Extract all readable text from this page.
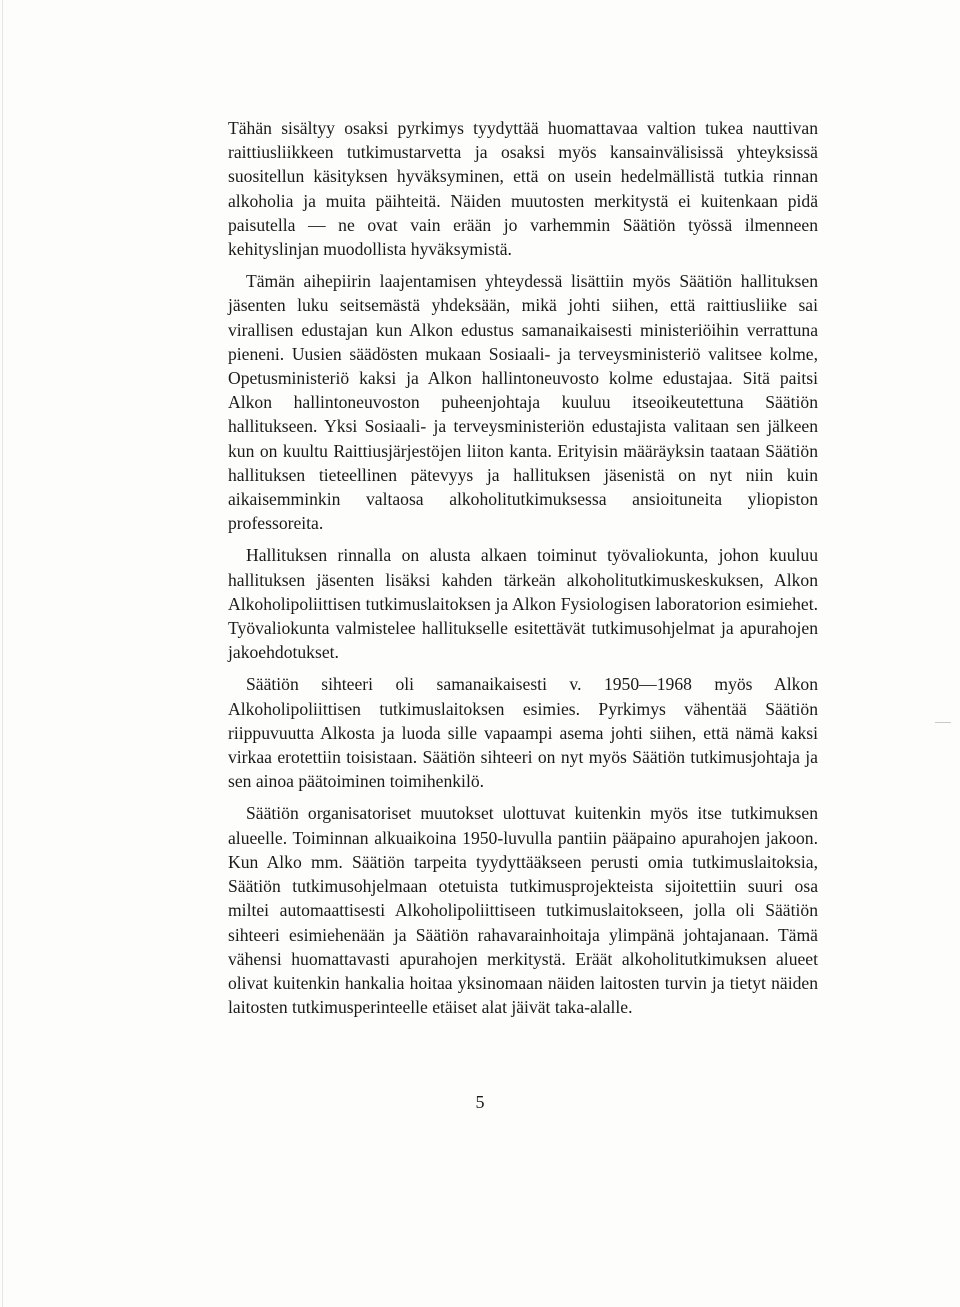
Tähän sisältyy osaksi pyrkimys tyydyttää huomattavaa valtion tukea nauttivan raittiusliikkeen tutkimustarvetta ja osaksi myös kansainvälisissä yhteyksissä suositellun käsityksen hyväksyminen, että on usein hedelmällistä tutkia rinnan alkoholia ja muita päihteitä. Näiden muutosten merkitystä ei kuitenkaan pidä paisutella — ne ovat vain erään jo varhemmin Säätiön työssä ilmenneen kehityslinjan muodollista hyväksymistä.

Tämän aihepiirin laajentamisen yhteydessä lisättiin myös Säätiön hallituksen jäsenten luku seitsemästä yhdeksään, mikä johti siihen, että raittiusliike sai virallisen edustajan kun Alkon edustus samanaikaisesti ministeriöihin verrattuna pieneni. Uusien säädösten mukaan Sosiaali- ja terveysministeriö valitsee kolme, Opetusministeriö kaksi ja Alkon hallintoneuvosto kolme edustajaa. Sitä paitsi Alkon hallintoneuvoston puheenjohtaja kuuluu itseoikeutettuna Säätiön hallitukseen. Yksi Sosiaali- ja terveysministeriön edustajista valitaan sen jälkeen kun on kuultu Raittiusjärjestöjen liiton kanta. Erityisin määräyksin taataan Säätiön hallituksen tieteellinen pätevyys ja hallituksen jäsenistä on nyt niin kuin aikaisemminkin valtaosa alkoholitutkimuksessa ansioituneita yliopiston professoreita.

Hallituksen rinnalla on alusta alkaen toiminut työvaliokunta, johon kuuluu hallituksen jäsenten lisäksi kahden tärkeän alkoholitutkimuskeskuksen, Alkon Alkoholipoliittisen tutkimuslaitoksen ja Alkon Fysiologisen laboratorion esimiehet. Työvaliokunta valmistelee hallitukselle esitettävät tutkimusohjelmat ja apurahojen jakoehdotukset.

Säätiön sihteeri oli samanaikaisesti v. 1950—1968 myös Alkon Alkoholipoliittisen tutkimuslaitoksen esimies. Pyrkimys vähentää Säätiön riippuvuutta Alkosta ja luoda sille vapaampi asema johti siihen, että nämä kaksi virkaa erotettiin toisistaan. Säätiön sihteeri on nyt myös Säätiön tutkimusjohtaja ja sen ainoa päätoiminen toimihenkilö.

Säätiön organisatoriset muutokset ulottuvat kuitenkin myös itse tutkimuksen alueelle. Toiminnan alkuaikoina 1950-luvulla pantiin pääpaino apurahojen jakoon. Kun Alko mm. Säätiön tarpeita tyydyttääkseen perusti omia tutkimuslaitoksia, Säätiön tutkimusohjelmaan otetuista tutkimusprojekteista sijoitettiin suuri osa miltei automaattisesti Alkoholipoliittiseen tutkimuslaitokseen, jolla oli Säätiön sihteeri esimiehenään ja Säätiön rahavarainhoitaja ylimpänä johtajanaan. Tämä vähensi huomattavasti apurahojen merkitystä. Eräät alkoholitutkimuksen alueet olivat kuitenkin hankalia hoitaa yksinomaan näiden laitosten turvin ja tietyt näiden laitosten tutkimusperinteelle etäiset alat jäivät taka-alalle.

5
